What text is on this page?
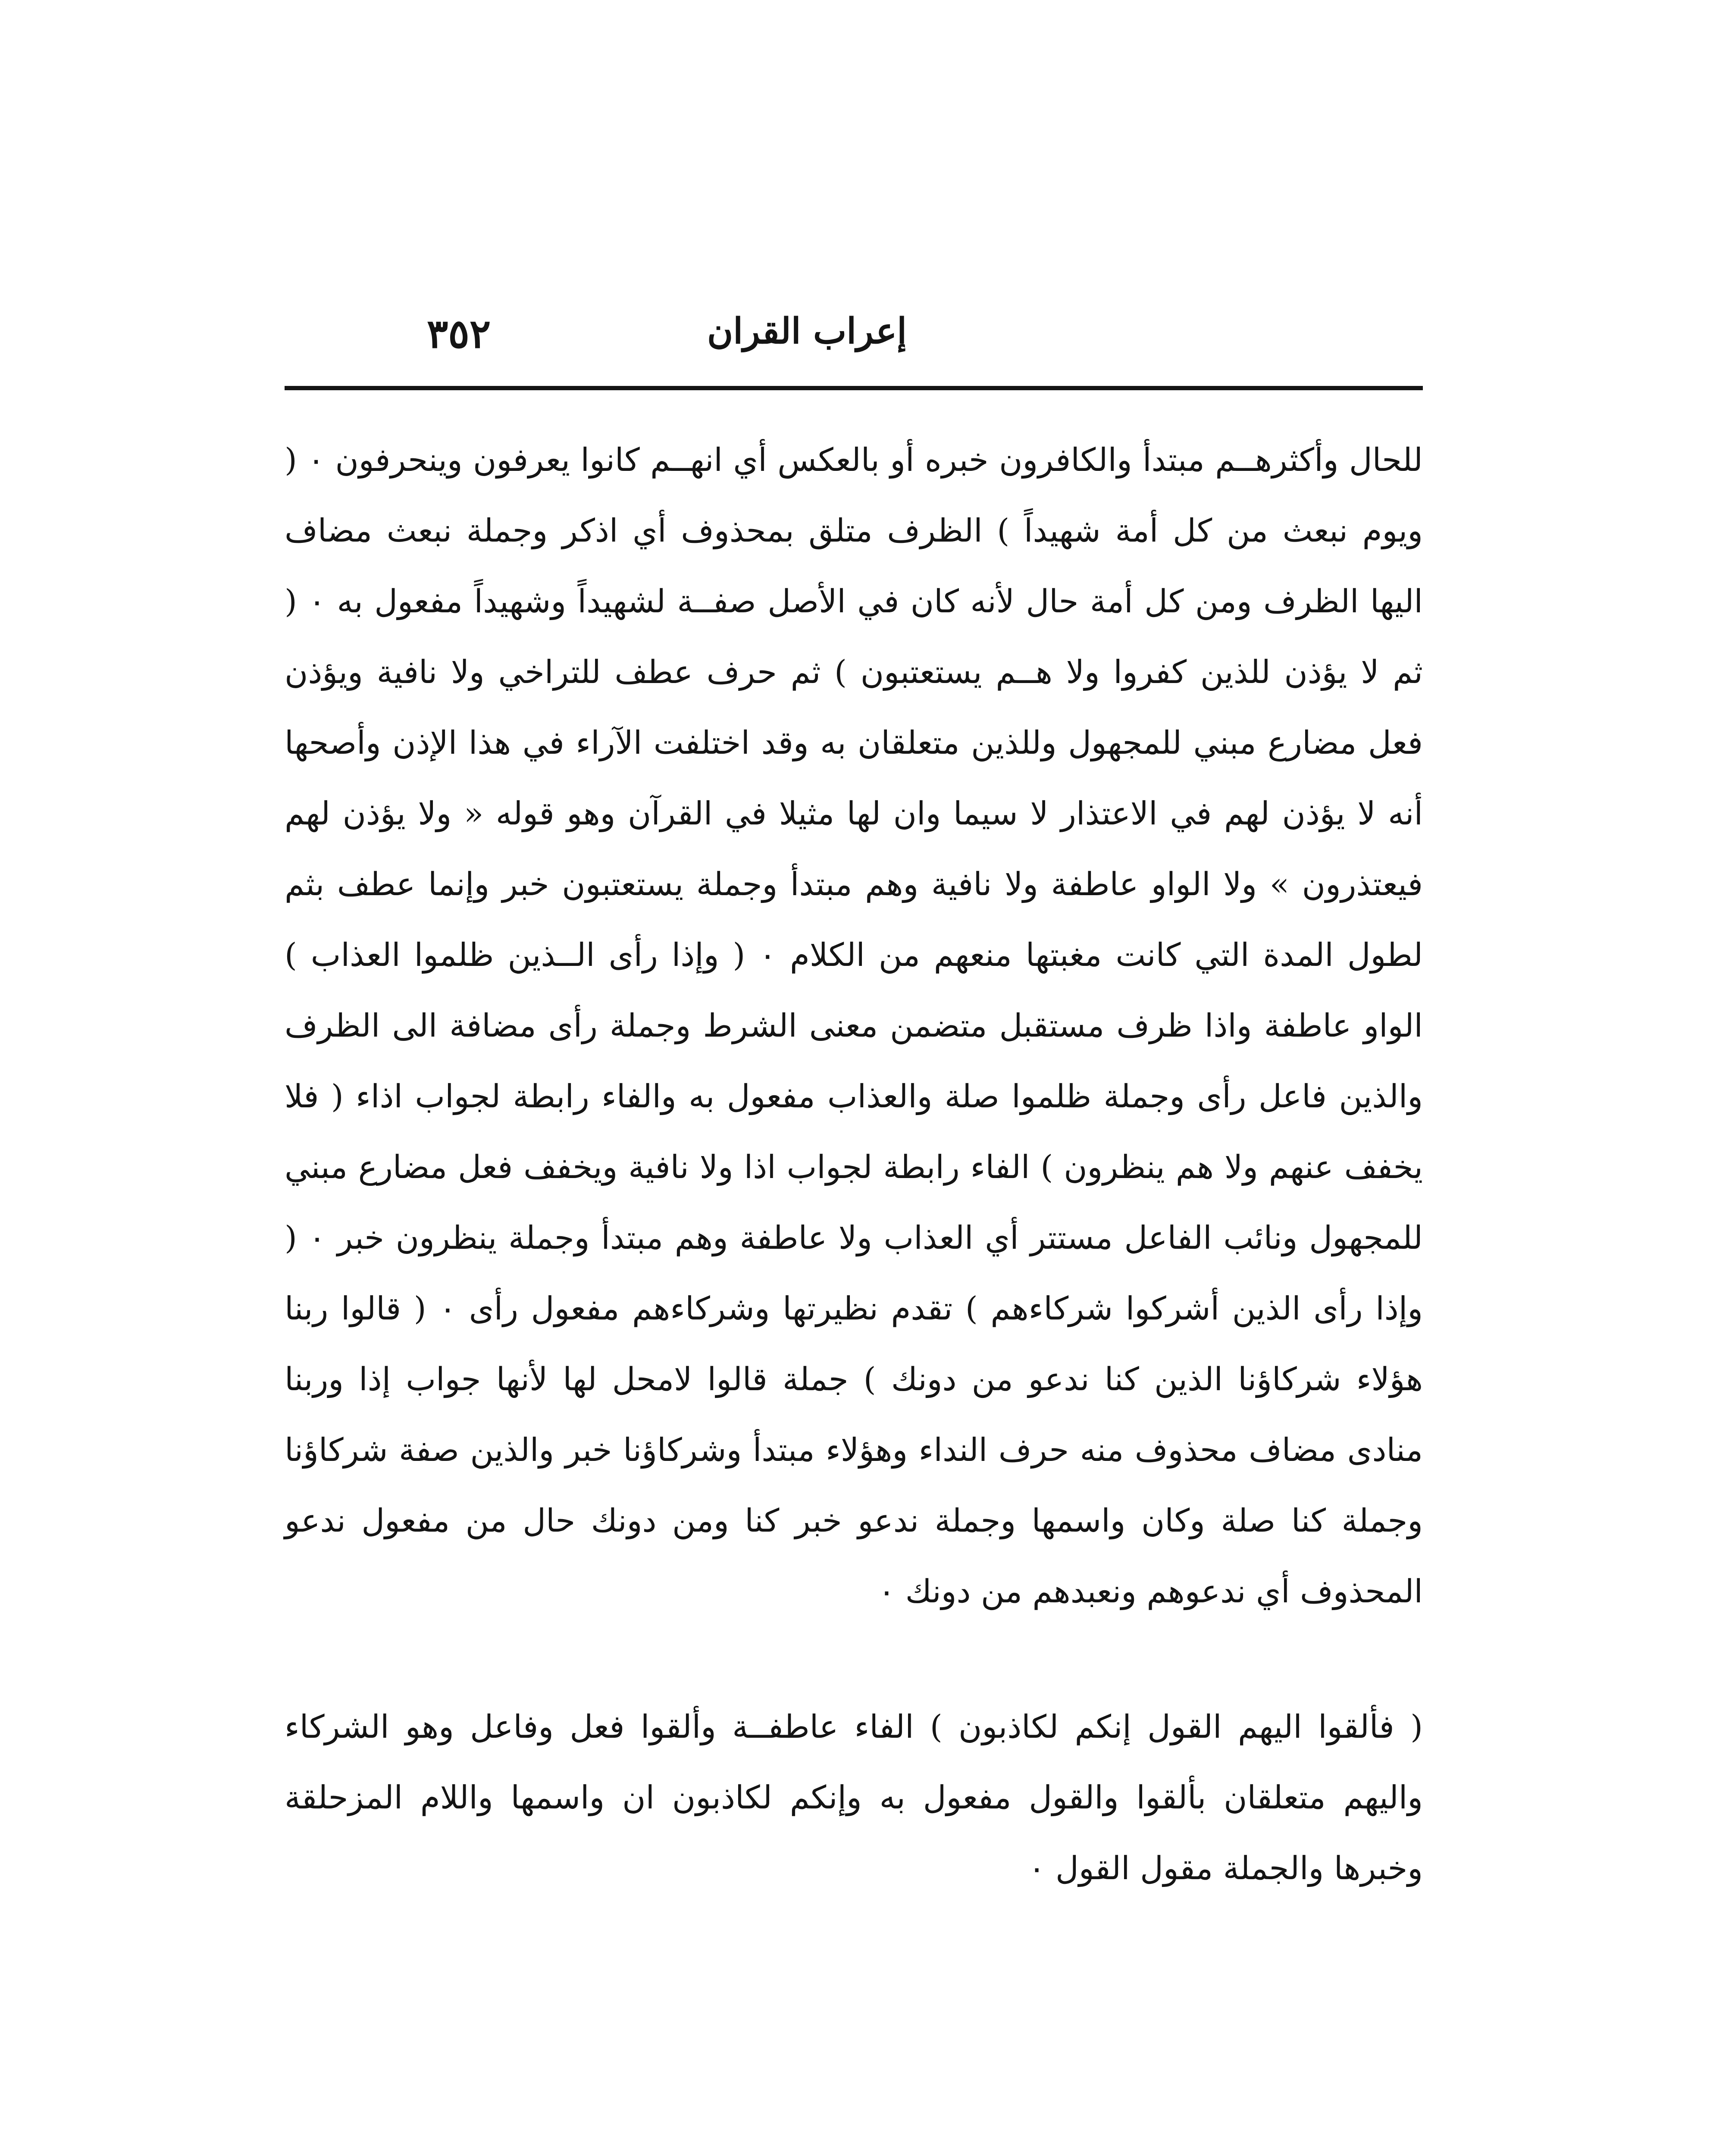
٣٥٢	إعراب القران

للحال وأكثرهــم مبتدأ والكافرون خبره أو بالعكس أي انهــم كانوا يعرفون وينحرفون ٠ ( ويوم نبعث من كل أمة شهيداً ) الظرف متلق بمحذوف أي اذكر وجملة نبعث مضاف اليها الظرف ومن كل أمة حال لأنه كان في الأصل صفــة لشهيداً وشهيداً مفعول به ٠ ( ثم لا يؤذن للذين كفروا ولا هــم يستعتبون ) ثم حرف عطف للتراخي ولا نافية ويؤذن فعل مضارع مبني للمجهول وللذين متعلقان به وقد اختلفت الآراء في هذا الإذن وأصحها أنه لا يؤذن لهم في الاعتذار لا سيما وان لها مثيلا في القرآن وهو قوله « ولا يؤذن لهم فيعتذرون » ولا الواو عاطفة ولا نافية وهم مبتدأ وجملة يستعتبون خبر وإنما عطف بثم لطول المدة التي كانت مغبتها منعهم من الكلام ٠ ( وإذا رأى الــذين ظلموا العذاب ) الواو عاطفة واذا ظرف مستقبل متضمن معنى الشرط وجملة رأى مضافة الى الظرف والذين فاعل رأى وجملة ظلموا صلة والعذاب مفعول به والفاء رابطة لجواب اذاء ( فلا يخفف عنهم ولا هم ينظرون ) الفاء رابطة لجواب اذا ولا نافية ويخفف فعل مضارع مبني للمجهول ونائب الفاعل مستتر أي العذاب ولا عاطفة وهم مبتدأ وجملة ينظرون خبر ٠ ( وإذا رأى الذين أشركوا شركاءهم ) تقدم نظيرتها وشركاءهم مفعول رأى ٠ ( قالوا ربنا هؤلاء شركاؤنا الذين كنا ندعو من دونك ) جملة قالوا لامحل لها لأنها جواب إذا وربنا منادى مضاف محذوف منه حرف النداء وهؤلاء مبتدأ وشركاؤنا خبر والذين صفة شركاؤنا وجملة كنا صلة وكان واسمها وجملة ندعو خبر كنا ومن دونك حال من مفعول ندعو المحذوف أي ندعوهم ونعبدهم من دونك ٠

( فألقوا اليهم القول إنكم لكاذبون ) الفاء عاطفــة وألقوا فعل وفاعل وهو الشركاء واليهم متعلقان بألقوا والقول مفعول به وإنكم لكاذبون ان واسمها واللام المزحلقة وخبرها والجملة مقول القول ٠
